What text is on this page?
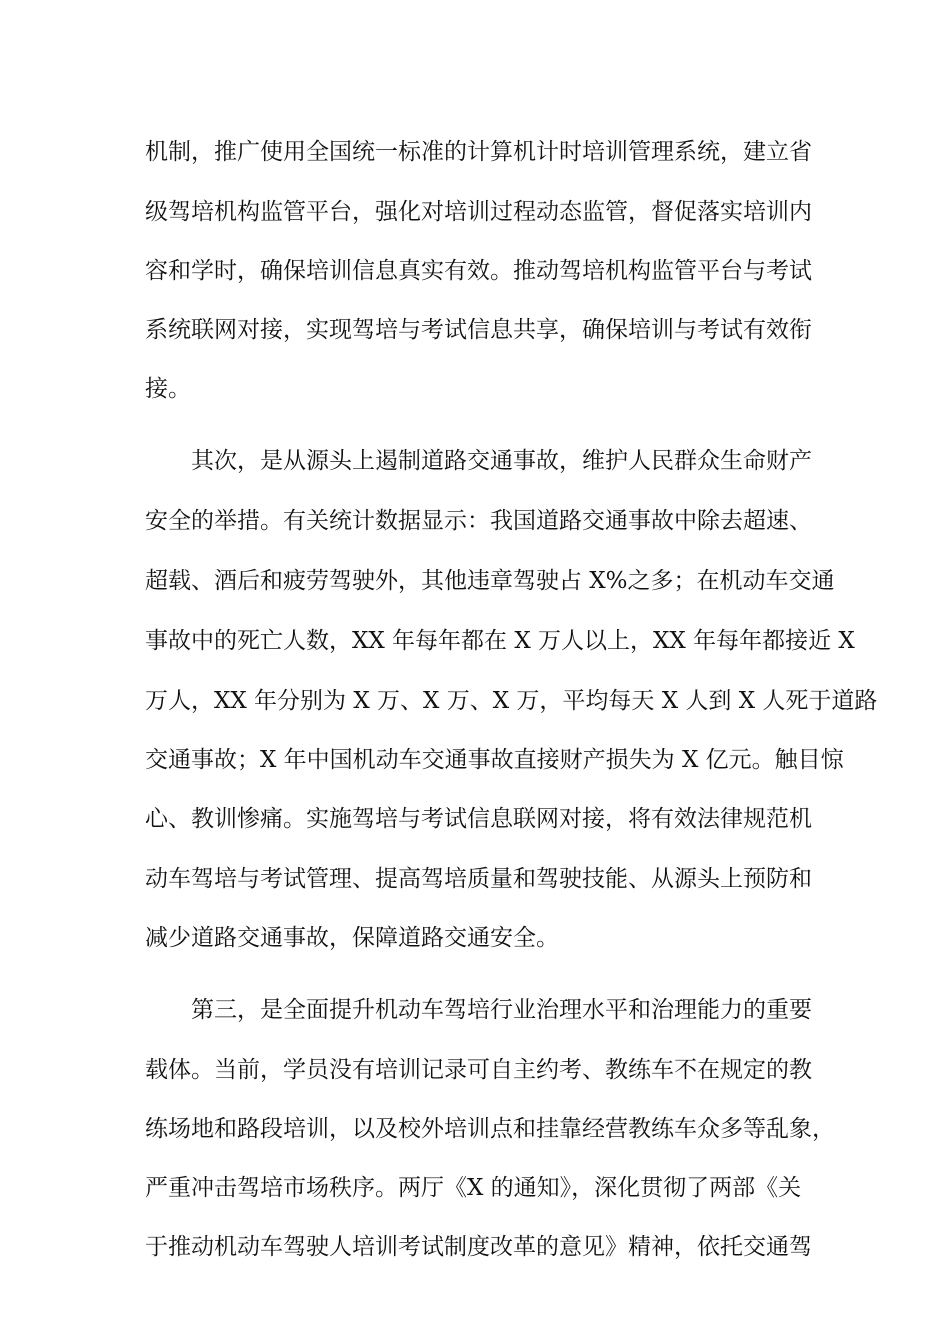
机制，推广使用全国统一标准的计算机计时培训管理系统，建立省
级驾培机构监管平台，强化对培训过程动态监管，督促落实培训内
容和学时，确保培训信息真实有效。推动驾培机构监管平台与考试
系统联网对接，实现驾培与考试信息共享，确保培训与考试有效衔
接。
其次，是从源头上遏制道路交通事故，维护人民群众生命财产
安全的举措。有关统计数据显示：我国道路交通事故中除去超速、
超载、酒后和疲劳驾驶外，其他违章驾驶占 X%之多；在机动车交通
事故中的死亡人数，XX 年每年都在 X 万人以上，XX 年每年都接近 X
万人，XX 年分别为 X 万、X 万、X 万，平均每天 X 人到 X 人死于道路
交通事故；X 年中国机动车交通事故直接财产损失为 X 亿元。触目惊
心、教训惨痛。实施驾培与考试信息联网对接，将有效法律规范机
动车驾培与考试管理、提高驾培质量和驾驶技能、从源头上预防和
减少道路交通事故，保障道路交通安全。
第三，是全面提升机动车驾培行业治理水平和治理能力的重要
载体。当前，学员没有培训记录可自主约考、教练车不在规定的教
练场地和路段培训，以及校外培训点和挂靠经营教练车众多等乱象，
严重冲击驾培市场秩序。两厅《X 的通知》，深化贯彻了两部《关
于推动机动车驾驶人培训考试制度改革的意见》精神，依托交通驾
